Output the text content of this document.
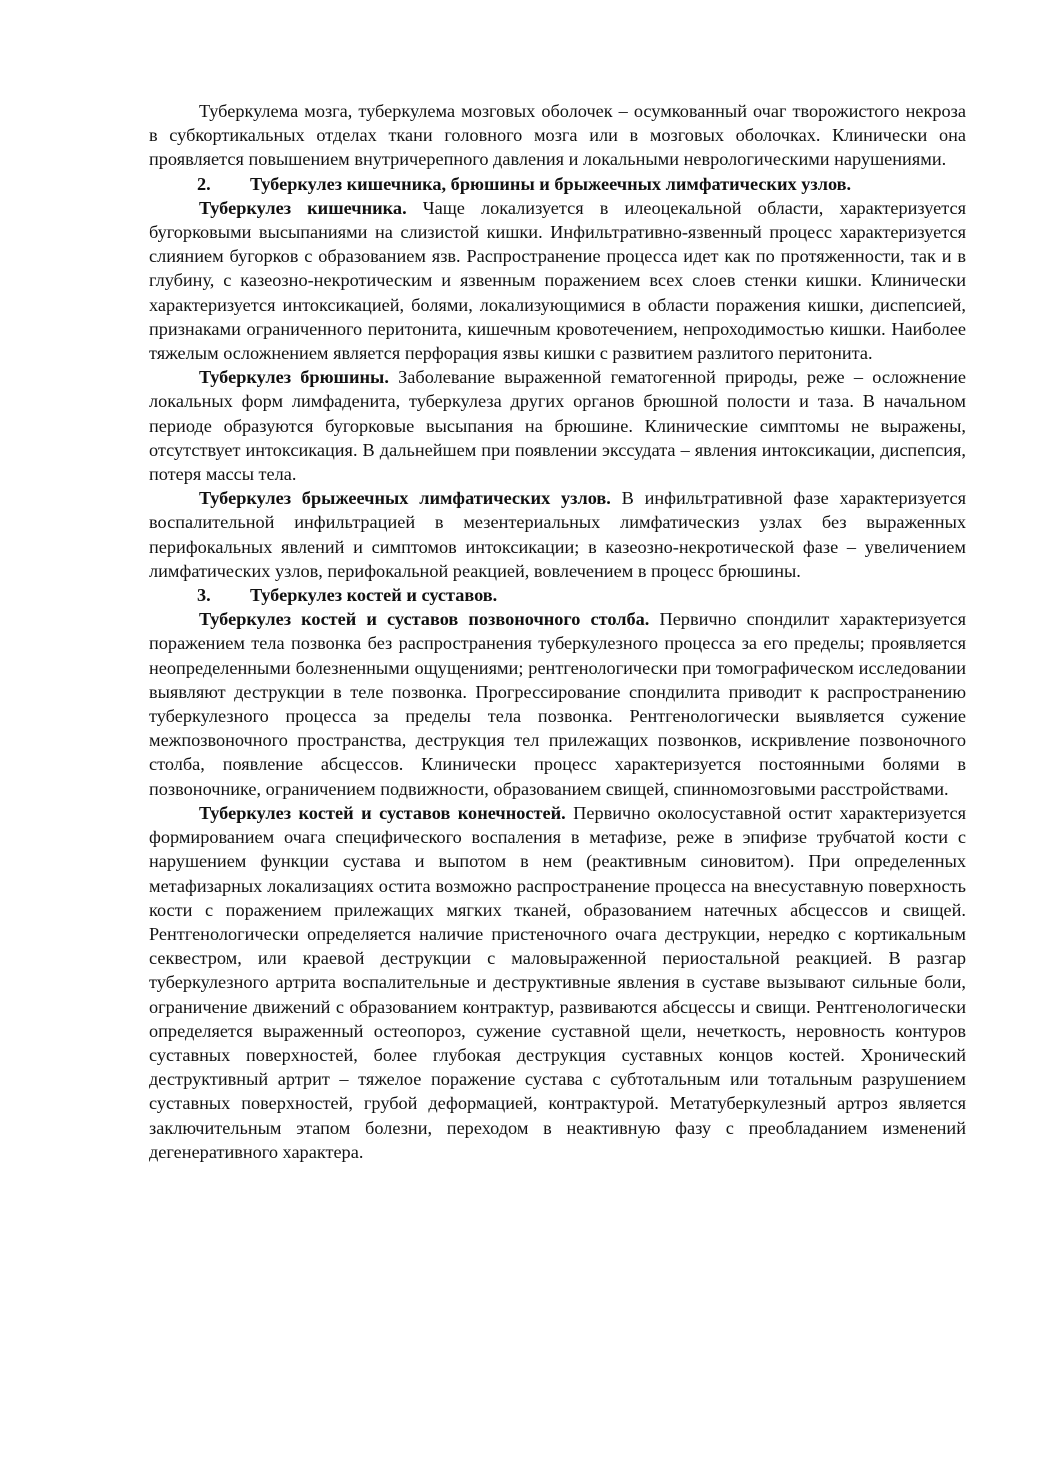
Туберкулема мозга, туберкулема мозговых оболочек – осумкованный очаг творожистого некроза в субкортикальных отделах ткани головного мозга или в мозговых оболочках. Клинически она проявляется повышением внутричерепного давления и локальными неврологическими нарушениями.

2. Туберкулез кишечника, брюшины и брыжеечных лимфатических узлов.

Туберкулез кишечника. Чаще локализуется в илеоцекальной области, характеризуется бугорковыми высыпаниями на слизистой кишки. Инфильтративно-язвенный процесс характеризуется слиянием бугорков с образованием язв. Распространение процесса идет как по протяженности, так и в глубину, с казеозно-некротическим и язвенным поражением всех слоев стенки кишки. Клинически характеризуется интоксикацией, болями, локализующимися в области поражения кишки, диспепсией, признаками ограниченного перитонита, кишечным кровотечением, непроходимостью кишки. Наиболее тяжелым осложнением является перфорация язвы кишки с развитием разлитого перитонита.

Туберкулез брюшины. Заболевание выраженной гематогенной природы, реже – осложнение локальных форм лимфаденита, туберкулеза других органов брюшной полости и таза. В начальном периоде образуются бугорковые высыпания на брюшине. Клинические симптомы не выражены, отсутствует интоксикация. В дальнейшем при появлении экссудата – явления интоксикации, диспепсия, потеря массы тела.

Туберкулез брыжеечных лимфатических узлов. В инфильтративной фазе характеризуется воспалительной инфильтрацией в мезентериальных лимфатическиз узлах без выраженных перифокальных явлений и симптомов интоксикации; в казеозно-некротической фазе – увеличением лимфатических узлов, перифокальной реакцией, вовлечением в процесс брюшины.

3. Туберкулез костей и суставов.

Туберкулез костей и суставов позвоночного столба. Первично спондилит характеризуется поражением тела позвонка без распространения туберкулезного процесса за его пределы; проявляется неопределенными болезненными ощущениями; рентгенологически при томографическом исследовании выявляют деструкции в теле позвонка. Прогрессирование спондилита приводит к распространению туберкулезного процесса за пределы тела позвонка. Рентгенологически выявляется сужение межпозвоночного пространства, деструкция тел прилежащих позвонков, искривление позвоночного столба, появление абсцессов. Клинически процесс характеризуется постоянными болями в позвоночнике, ограничением подвижности, образованием свищей, спинномозговыми расстройствами.

Туберкулез костей и суставов конечностей. Первично околосуставной остит характеризуется формированием очага специфического воспаления в метафизе, реже в эпифизе трубчатой кости с нарушением функции сустава и выпотом в нем (реактивным синовитом). При определенных метафизарных локализациях остита возможно распространение процесса на внесуставную поверхность кости с поражением прилежащих мягких тканей, образованием натечных абсцессов и свищей. Рентгенологически определяется наличие пристеночного очага деструкции, нередко с кортикальным секвестром, или краевой деструкции с маловыраженной периостальной реакцией. В разгар туберкулезного артрита воспалительные и деструктивные явления в суставе вызывают сильные боли, ограничение движений с образованием контрактур, развиваются абсцессы и свищи. Рентгенологически определяется выраженный остеопороз, сужение суставной щели, нечеткость, неровность контуров суставных поверхностей, более глубокая деструкция суставных концов костей. Хронический деструктивный артрит – тяжелое поражение сустава с субтотальным или тотальным разрушением суставных поверхностей, грубой деформацией, контрактурой. Метатуберкулезный артроз является заключительным этапом болезни, переходом в неактивную фазу с преобладанием изменений дегенеративного характера.
